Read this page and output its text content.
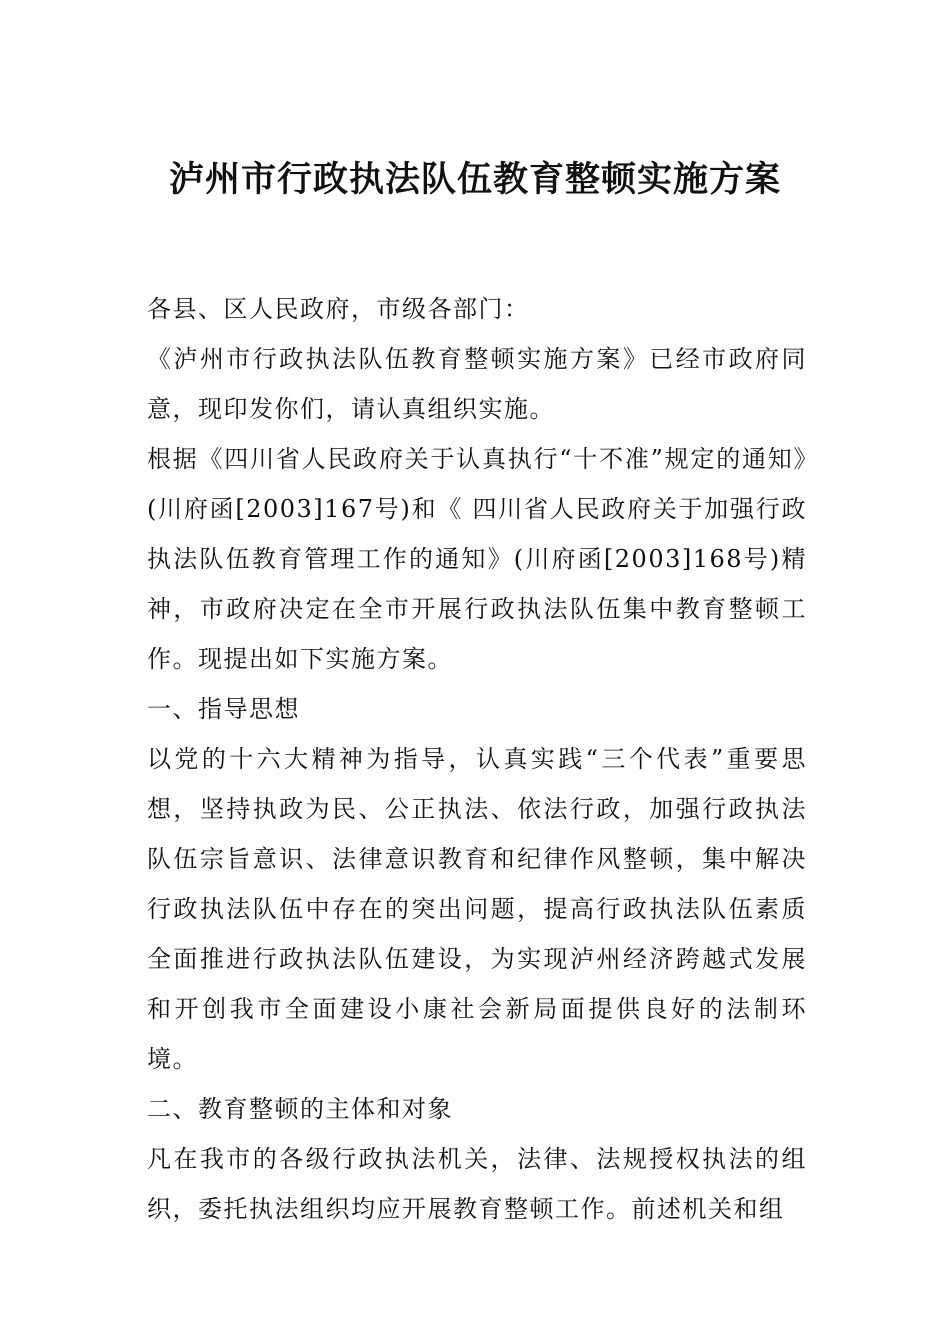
泸州市行政执法队伍教育整顿实施方案

各县、区人民政府，市级各部门：

《泸州市行政执法队伍教育整顿实施方案》已经市政府同意，现印发你们，请认真组织实施。

根据《四川省人民政府关于认真执行“十不准”规定的通知》(川府函[2003]167号)和《 四川省人民政府关于加强行政执法队伍教育管理工作的通知》(川府函[2003]168号)精神，市政府决定在全市开展行政执法队伍集中教育整顿工作。现提出如下实施方案。

一、指导思想

以党的十六大精神为指导，认真实践“三个代表”重要思想，坚持执政为民、公正执法、依法行政，加强行政执法队伍宗旨意识、法律意识教育和纪律作风整顿，集中解决行政执法队伍中存在的突出问题，提高行政执法队伍素质全面推进行政执法队伍建设，为实现泸州经济跨越式发展和开创我市全面建设小康社会新局面提供良好的法制环境。

二、教育整顿的主体和对象

凡在我市的各级行政执法机关，法律、法规授权执法的组织，委托执法组织均应开展教育整顿工作。前述机关和组
